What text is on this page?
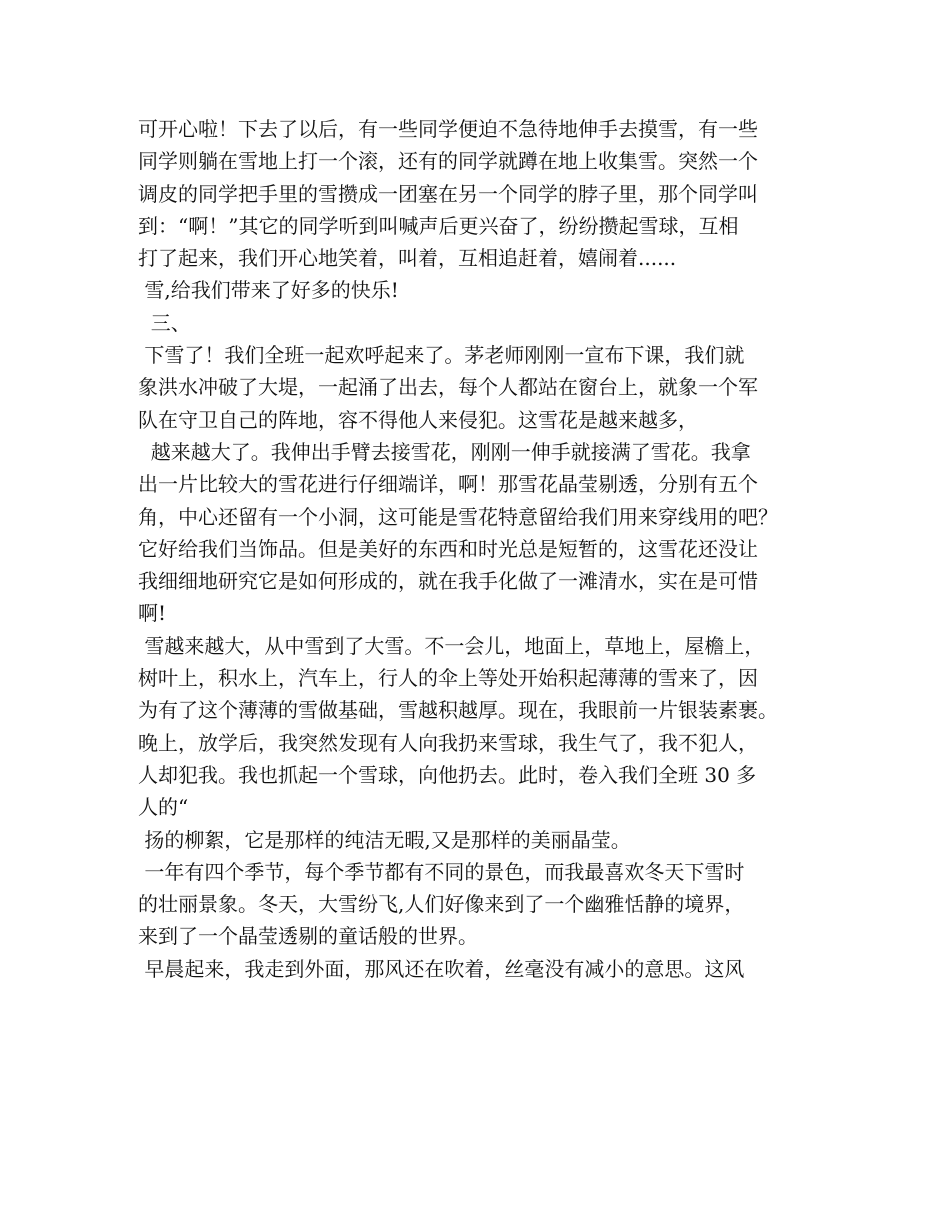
可开心啦！下去了以后，有一些同学便迫不急待地伸手去摸雪，有一些
同学则躺在雪地上打一个滚，还有的同学就蹲在地上收集雪。突然一个
调皮的同学把手里的雪攒成一团塞在另一个同学的脖子里，那个同学叫
到：“啊！”其它的同学听到叫喊声后更兴奋了，纷纷攒起雪球，互相
打了起来，我们开心地笑着，叫着，互相追赶着，嬉闹着......
雪,给我们带来了好多的快乐!
三、
下雪了！我们全班一起欢呼起来了。茅老师刚刚一宣布下课，我们就
象洪水冲破了大堤，一起涌了出去，每个人都站在窗台上，就象一个军
队在守卫自己的阵地，容不得他人来侵犯。这雪花是越来越多，
越来越大了。我伸出手臂去接雪花，刚刚一伸手就接满了雪花。我拿
出一片比较大的雪花进行仔细端详，啊！那雪花晶莹剔透，分别有五个
角，中心还留有一个小洞，这可能是雪花特意留给我们用来穿线用的吧？
它好给我们当饰品。但是美好的东西和时光总是短暂的，这雪花还没让
我细细地研究它是如何形成的，就在我手化做了一滩清水，实在是可惜
啊!
雪越来越大，从中雪到了大雪。不一会儿，地面上，草地上，屋檐上，
树叶上，积水上，汽车上，行人的伞上等处开始积起薄薄的雪来了，因
为有了这个薄薄的雪做基础，雪越积越厚。现在，我眼前一片银装素裹。
晚上，放学后，我突然发现有人向我扔来雪球，我生气了，我不犯人，
人却犯我。我也抓起一个雪球，向他扔去。此时，卷入我们全班 30 多
人的“
扬的柳絮，它是那样的纯洁无暇,又是那样的美丽晶莹。
一年有四个季节，每个季节都有不同的景色，而我最喜欢冬天下雪时
的壮丽景象。冬天，大雪纷飞,人们好像来到了一个幽雅恬静的境界，
来到了一个晶莹透剔的童话般的世界。
早晨起来，我走到外面，那风还在吹着，丝毫没有减小的意思。这风
